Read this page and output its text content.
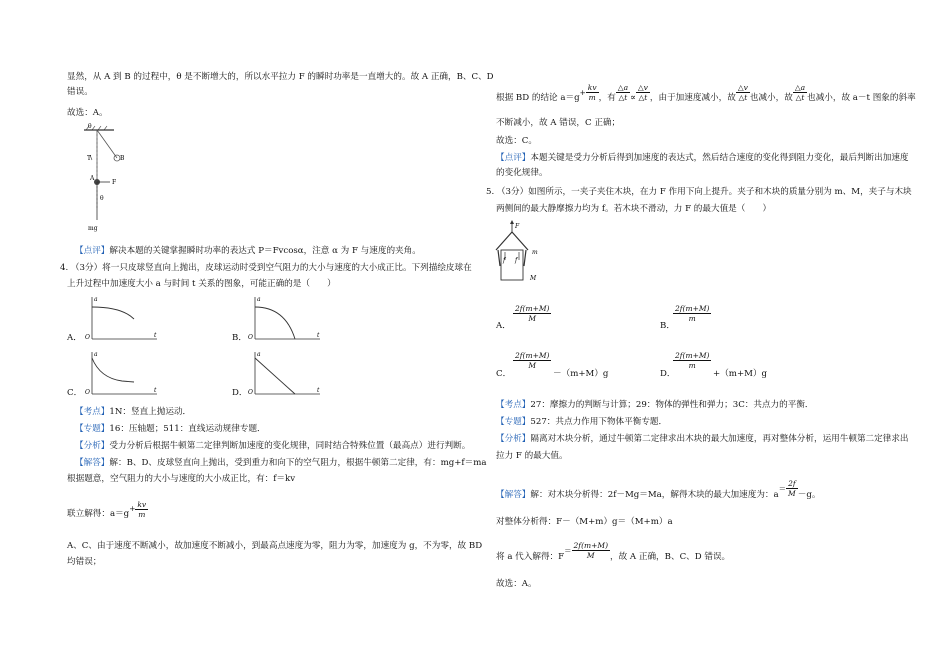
显然，从 A 到 B 的过程中，θ 是不断增大的，所以水平拉力 F 的瞬时功率是一直增大的。故 A 正确，B、C、D
错误。
故选：A。
θ
T	B
A
F
θ
mg
【点评】解决本题的关键掌握瞬时功率的表达式 P＝Fvcosα，注意 α 为 F 与速度的夹角。
4. （3分）将一只皮球竖直向上抛出，皮球运动时受到空气阻力的大小与速度的大小成正比。下列描绘皮球在
上升过程中加速度大小 a 与时间 t 关系的图象，可能正确的是（　　）
a
t
O
A．
a
t
O
B．
a
t
O
C．
a
t
O
D．
【考点】1N：竖直上抛运动．
【专题】16：压轴题；511：直线运动规律专题．
【分析】受力分析后根据牛顿第二定律判断加速度的变化规律，同时结合特殊位置（最高点）进行判断。
【解答】解：B、D、皮球竖直向上抛出，受到重力和向下的空气阻力，根据牛顿第二定律，有：mg+f＝ma
根据题意，空气阻力的大小与速度的大小成正比，有：f＝kv
联立解得：$a=g+ \frac{kv}{m}$
A、C、由于速度不断减小，故加速度不断减小，到最高点速度为零，阻力为零，加速度为 g，不为零，故 BD
均错误；
根据 BD 的结论 $a=g+ \frac{kv}{m}$ ，有 $\frac{\triangle a}{\triangle t} \propto \frac{\triangle v}{\triangle t}$ ，由于加速度减小，故 $\frac{\triangle v}{\triangle t}$ 也减小，故 $\frac{\triangle a}{\triangle t}$ 也减小，故 a－t 图象的斜率
不断减小，故 A 错误，C 正确；
故选：C。
【点评】本题关键是受力分析后得到加速度的表达式，然后结合速度的变化得到阻力变化，最后判断出加速度
的变化规律。
5. （3分）如图所示，一夹子夹住木块，在力 F 作用下向上提升。夹子和木块的质量分别为 m、M，夹子与木块
两侧间的最大静摩擦力均为 f。若木块不滑动，力 F 的最大值是（　　）
F
m
f f
M
A．
$\frac{2f(m+M)}{M}$
B．
$\frac{2f(m+M)}{m}$
C．
$\frac{2f(m+M)}{M}$
－（m+M）g	D．
$\frac{2f(m+M)}{m}$
+（m+M）g
【考点】27：摩擦力的判断与计算；29：物体的弹性和弹力；3C：共点力的平衡．
【专题】527：共点力作用下物体平衡专题．
【分析】隔离对木块分析，通过牛顿第二定律求出木块的最大加速度，再对整体分析，运用牛顿第二定律求出
拉力 F 的最大值。
【解答】解：对木块分析得：2f－Mg＝Ma，解得木块的最大加速度为：$a= \frac{2f}{M} -g$。
对整体分析得：F－（M+m）g＝（M+m）a
将 a 代入解得：$F= \frac{2f(m+M)}{M}$ ，故 A 正确，B、C、D 错误。
故选：A。
